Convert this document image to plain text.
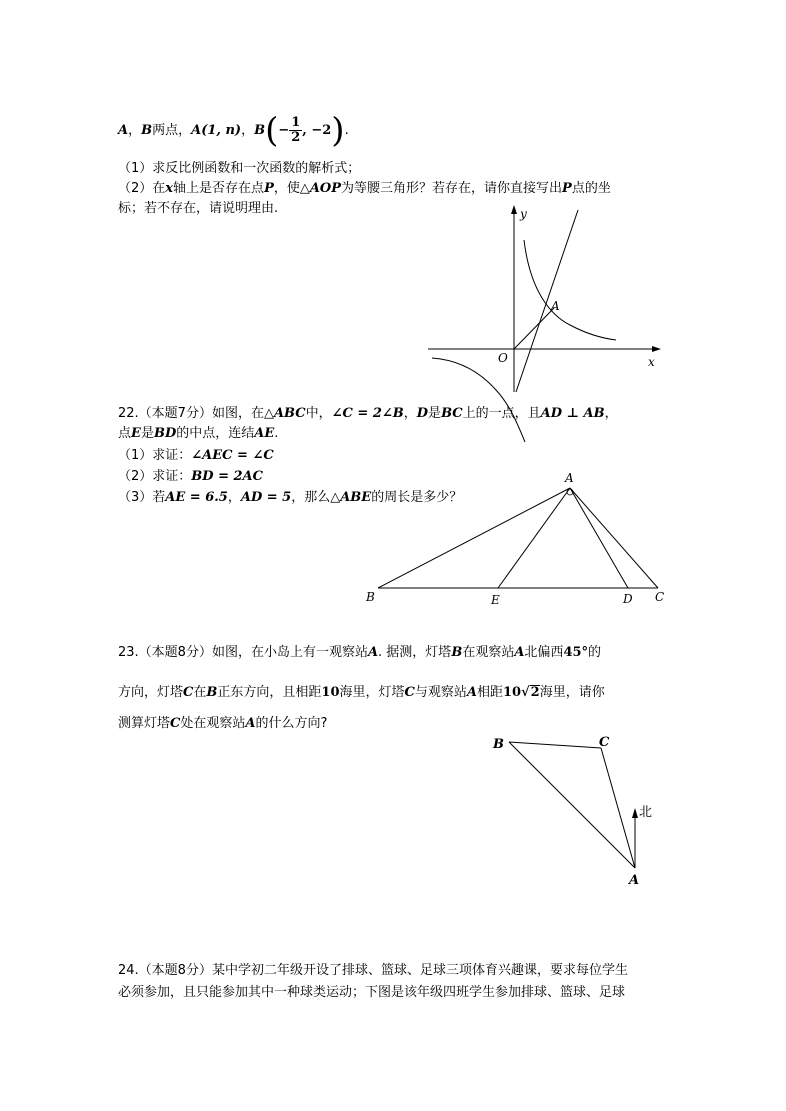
A，B两点，A(1, n)，$B(- \frac{1}{2}$ , −2).
（1）求反比例函数和一次函数的解析式；
（2）在x轴上是否存在点P，使△AOP为等腰三角形？若存在，请你直接写出P点的坐
标；若不存在，请说明理由.	y
x
O
A
22.（本题7分）如图，在△ABC中，∠C = 2∠B，D是BC上的一点，且AD ⊥ AB，
点E是BD的中点，连结AE.
（1）求证：∠AEC = ∠C
（2）求证：BD = 2AC
（3）若AE = 6.5，AD = 5，那么△ABE的周长是多少？
A
B	E	D C
23.（本题8分）如图，在小岛上有一观察站A. 据测，灯塔B在观察站A北偏西45°的
方向，灯塔C在B正东方向，且相距10海里，灯塔C与观察站A相距10√2海里，请你
测算灯塔C处在观察站A的什么方向?
B	C
A
北
24.（本题8分）某中学初二年级开设了排球、篮球、足球三项体育兴趣课，要求每位学生
必须参加，且只能参加其中一种球类运动；下图是该年级四班学生参加排球、篮球、足球
